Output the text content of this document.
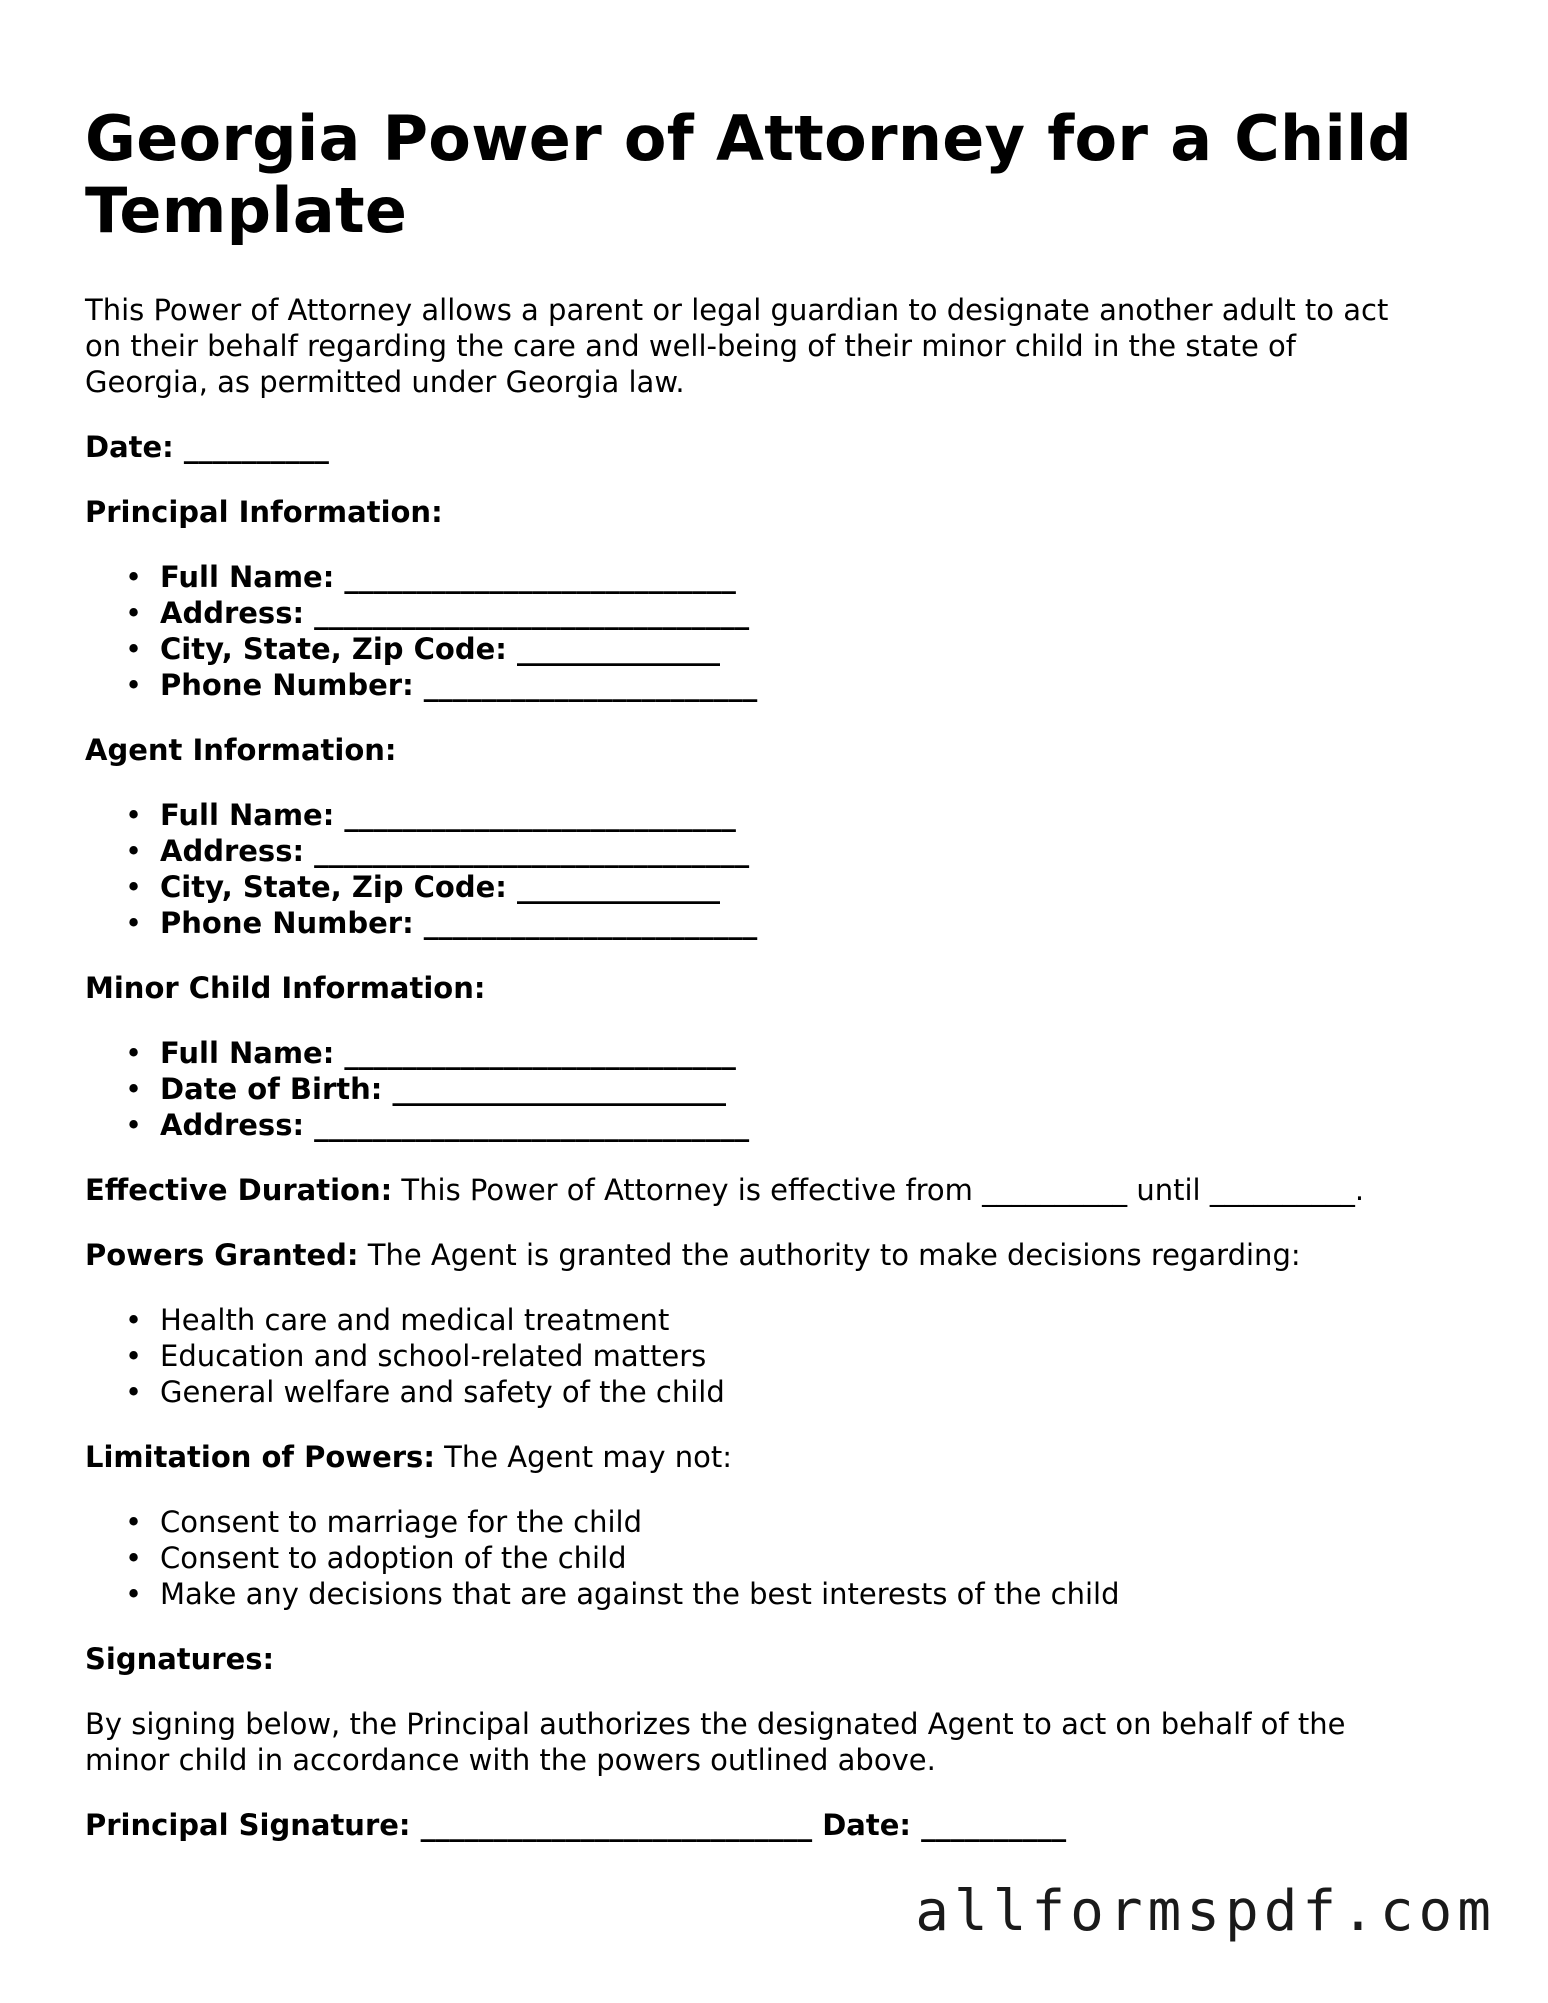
Georgia Power of Attorney for a Child
Template
This Power of Attorney allows a parent or legal guardian to designate another adult to act
on their behalf regarding the care and well-being of their minor child in the state of
Georgia, as permitted under Georgia law.
Date: __________
Principal Information:
• Full Name: ___________________________
• Address: ______________________________
• City, State, Zip Code: ______________
• Phone Number: _______________________
Agent Information:
• Full Name: ___________________________
• Address: ______________________________
• City, State, Zip Code: ______________
• Phone Number: _______________________
Minor Child Information:
• Full Name: ___________________________
• Date of Birth: _______________________
• Address: ______________________________
Effective Duration: This Power of Attorney is effective from __________ until __________.
Powers Granted: The Agent is granted the authority to make decisions regarding:
• Health care and medical treatment
• Education and school-related matters
• General welfare and safety of the child
Limitation of Powers: The Agent may not:
• Consent to marriage for the child
• Consent to adoption of the child
• Make any decisions that are against the best interests of the child
Signatures:
By signing below, the Principal authorizes the designated Agent to act on behalf of the
minor child in accordance with the powers outlined above.
Principal Signature: ___________________________ Date: __________
allformspdf.com
